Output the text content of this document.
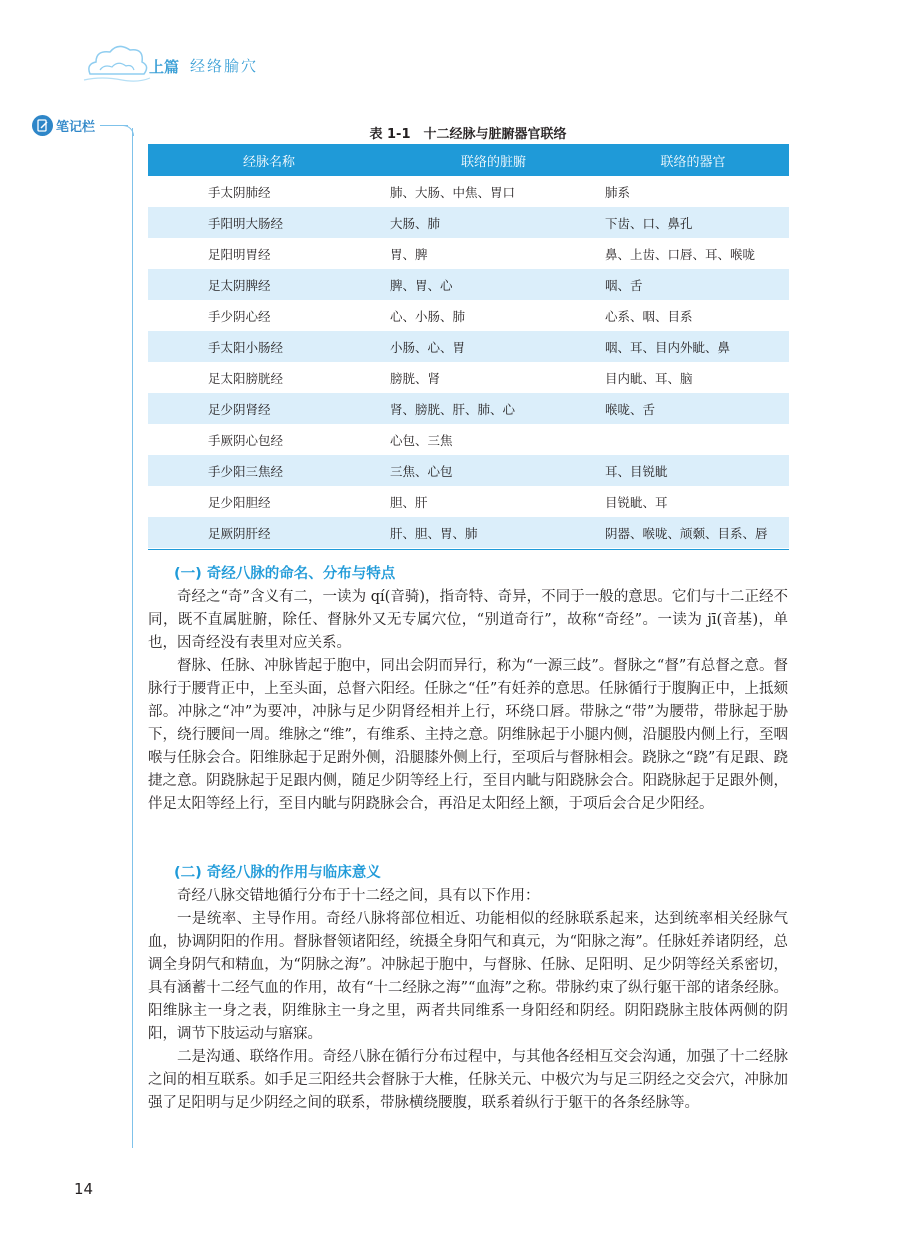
上篇 经络腧穴
笔记栏	表 1-1　十二经脉与脏腑器官联络
经脉名称	联络的脏腑	联络的器官
手太阴肺经	肺、大肠、中焦、胃口	肺系
手阳明大肠经	大肠、肺	下齿、口、鼻孔
足阳明胃经	胃、脾	鼻、上齿、口唇、耳、喉咙
足太阴脾经	脾、胃、心	咽、舌
手少阴心经	心、小肠、肺	心系、咽、目系
手太阳小肠经	小肠、心、胃	咽、耳、目内外眦、鼻
足太阳膀胱经	膀胱、肾	目内眦、耳、脑
足少阴肾经	肾、膀胱、肝、肺、心	喉咙、舌
手厥阴心包经	心包、三焦	
手少阳三焦经	三焦、心包	耳、目锐眦
足少阳胆经	胆、肝	目锐眦、耳
足厥阴肝经	肝、胆、胃、肺	阴器、喉咙、颃颡、目系、唇
(一) 奇经八脉的命名、分布与特点

奇经之“奇”含义有二，一读为 qí(音骑)，指奇特、奇异，不同于一般的意思。它们与十二正经不同，既不直属脏腑，除任、督脉外又无专属穴位，“别道奇行”，故称“奇经”。一读为 jī(音基)，单也，因奇经没有表里对应关系。

督脉、任脉、冲脉皆起于胞中，同出会阴而异行，称为“一源三歧”。督脉之“督”有总督之意。督脉行于腰背正中，上至头面，总督六阳经。任脉之“任”有妊养的意思。任脉循行于腹胸正中，上抵颏部。冲脉之“冲”为要冲，冲脉与足少阴肾经相并上行，环绕口唇。带脉之“带”为腰带，带脉起于胁下，绕行腰间一周。维脉之“维”，有维系、主持之意。阴维脉起于小腿内侧，沿腿股内侧上行，至咽喉与任脉会合。阳维脉起于足跗外侧，沿腿膝外侧上行，至项后与督脉相会。跷脉之“跷”有足跟、跷捷之意。阴跷脉起于足跟内侧，随足少阴等经上行，至目内眦与阳跷脉会合。阳跷脉起于足跟外侧，伴足太阳等经上行，至目内眦与阴跷脉会合，再沿足太阳经上额，于项后会合足少阳经。

(二) 奇经八脉的作用与临床意义

奇经八脉交错地循行分布于十二经之间，具有以下作用：

一是统率、主导作用。奇经八脉将部位相近、功能相似的经脉联系起来，达到统率相关经脉气血，协调阴阳的作用。督脉督领诸阳经，统摄全身阳气和真元，为“阳脉之海”。任脉妊养诸阴经，总调全身阴气和精血，为“阴脉之海”。冲脉起于胞中，与督脉、任脉、足阳明、足少阴等经关系密切，具有涵蓄十二经气血的作用，故有“十二经脉之海”“血海”之称。带脉约束了纵行躯干部的诸条经脉。阳维脉主一身之表，阴维脉主一身之里，两者共同维系一身阳经和阴经。阴阳跷脉主肢体两侧的阴阳，调节下肢运动与寤寐。

二是沟通、联络作用。奇经八脉在循行分布过程中，与其他各经相互交会沟通，加强了十二经脉之间的相互联系。如手足三阳经共会督脉于大椎，任脉关元、中极穴为与足三阴经之交会穴，冲脉加强了足阳明与足少阴经之间的联系，带脉横绕腰腹，联系着纵行于躯干的各条经脉等。

14
